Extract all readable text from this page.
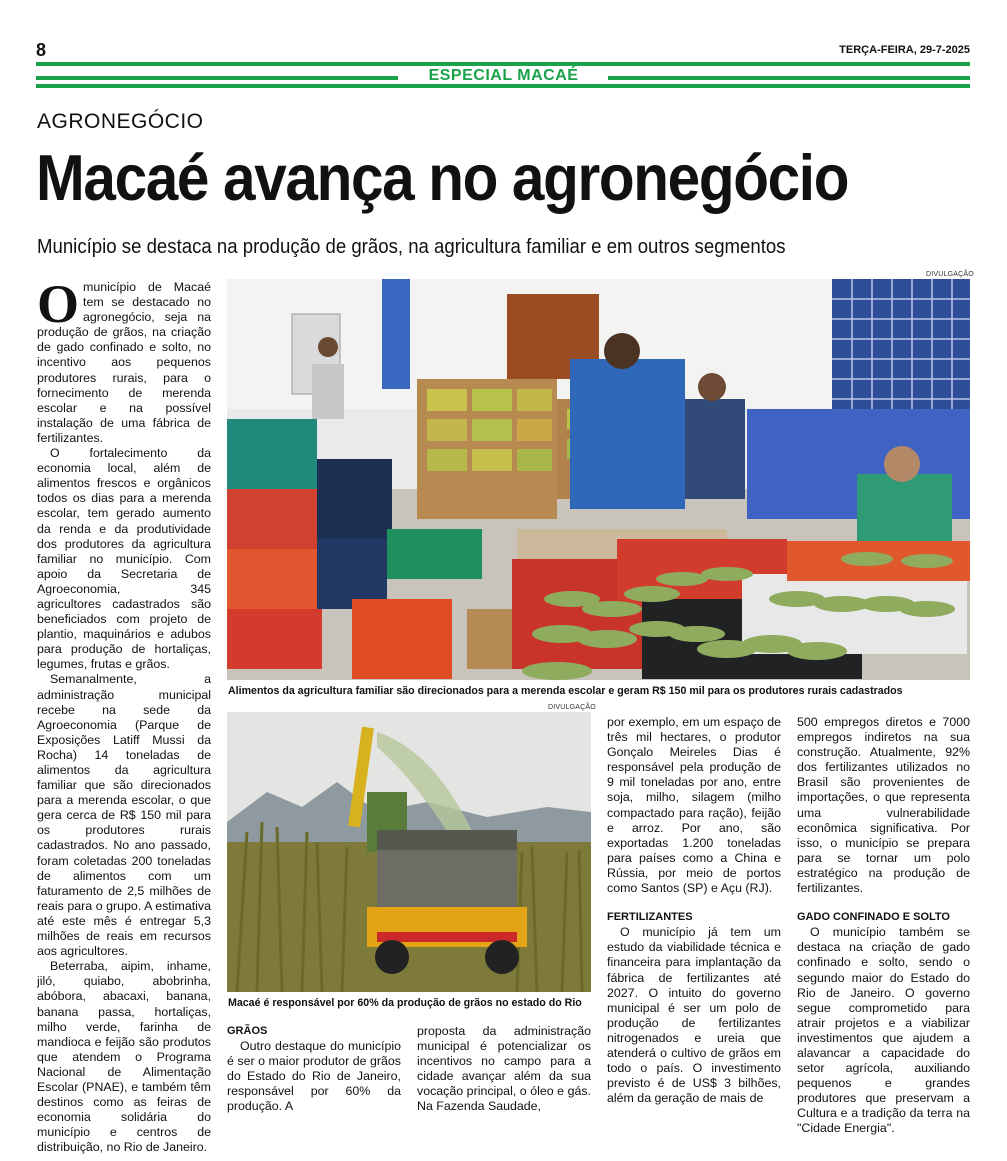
8	TERÇA-FEIRA, 29-7-2025
ESPECIAL MACAÉ
AGRONEGÓCIO
Macaé avança no agronegócio
Município se destaca na produção de grãos, na agricultura familiar e em outros segmentos
DIVULGAÇÃO
Alimentos da agricultura familiar são direcionados para a merenda escolar e geram R$ 150 mil para os produtores rurais cadastrados
DIVULGAÇÃO
Macaé é responsável por 60% da produção de grãos no estado do Rio

Omunicípio de Macaé tem se destacado no agronegócio, seja na produção de grãos, na criação de gado confinado e solto, no incentivo aos pequenos produtores rurais, para o fornecimento de merenda escolar e na possível instalação de uma fábrica de fertilizantes.

O fortalecimento da economia local, além de alimentos frescos e orgânicos todos os dias para a merenda escolar, tem gerado aumento da renda e da produtividade dos produtores da agricultura familiar no município. Com apoio da Secretaria de Agroeconomia, 345 agricultores cadastrados são beneficiados com projeto de plantio, maquinários e adubos para produção de hortaliças, legumes, frutas e grãos.

Semanalmente, a administração municipal recebe na sede da Agroeconomia (Parque de Exposições Latiff Mussi da Rocha) 14 toneladas de alimentos da agricultura familiar que são direcionados para a merenda escolar, o que gera cerca de R$ 150 mil para os produtores rurais cadastrados. No ano passado, foram coletadas 200 toneladas de alimentos com um faturamento de 2,5 milhões de reais para o grupo. A estimativa até este mês é entregar 5,3 milhões de reais em recursos aos agricultores.

Beterraba, aipim, inhame, jiló, quiabo, abobrinha, abóbora, abacaxi, banana, banana passa, hortaliças, milho verde, farinha de mandioca e feijão são produtos que atendem o Programa Nacional de Alimentação Escolar (PNAE), e também têm destinos como as feiras de economia solidária do município e centros de distribuição, no Rio de Janeiro.

GRÃOS

Outro destaque do município é ser o maior produtor de grãos do Estado do Rio de Janeiro, responsável por 60% da produção. A

proposta da administração municipal é potencializar os incentivos no campo para a cidade avançar além da sua vocação principal, o óleo e gás. Na Fazenda Saudade,

por exemplo, em um espaço de três mil hectares, o produtor Gonçalo Meireles Dias é responsável pela produção de 9 mil toneladas por ano, entre soja, milho, silagem (milho compactado para ração), feijão e arroz. Por ano, são exportadas 1.200 toneladas para países como a China e Rússia, por meio de portos como Santos (SP) e Açu (RJ).

FERTILIZANTES

O município já tem um estudo da viabilidade técnica e financeira para implantação da fábrica de fertilizantes até 2027. O intuito do governo municipal é ser um polo de produção de fertilizantes nitrogenados e ureia que atenderá o cultivo de grãos em todo o país. O investimento previsto é de US$ 3 bilhões, além da geração de mais de

500 empregos diretos e 7000 empregos indiretos na sua construção. Atualmente, 92% dos fertilizantes utilizados no Brasil são provenientes de importações, o que representa uma vulnerabilidade econômica significativa. Por isso, o município se prepara para se tornar um polo estratégico na produção de fertilizantes.

GADO CONFINADO E SOLTO

O município também se destaca na criação de gado confinado e solto, sendo o segundo maior do Estado do Rio de Janeiro. O governo segue comprometido para atrair projetos e a viabilizar investimentos que ajudem a alavancar a capacidade do setor agrícola, auxiliando pequenos e grandes produtores que preservam a Cultura e a tradição da terra na "Cidade Energia".
